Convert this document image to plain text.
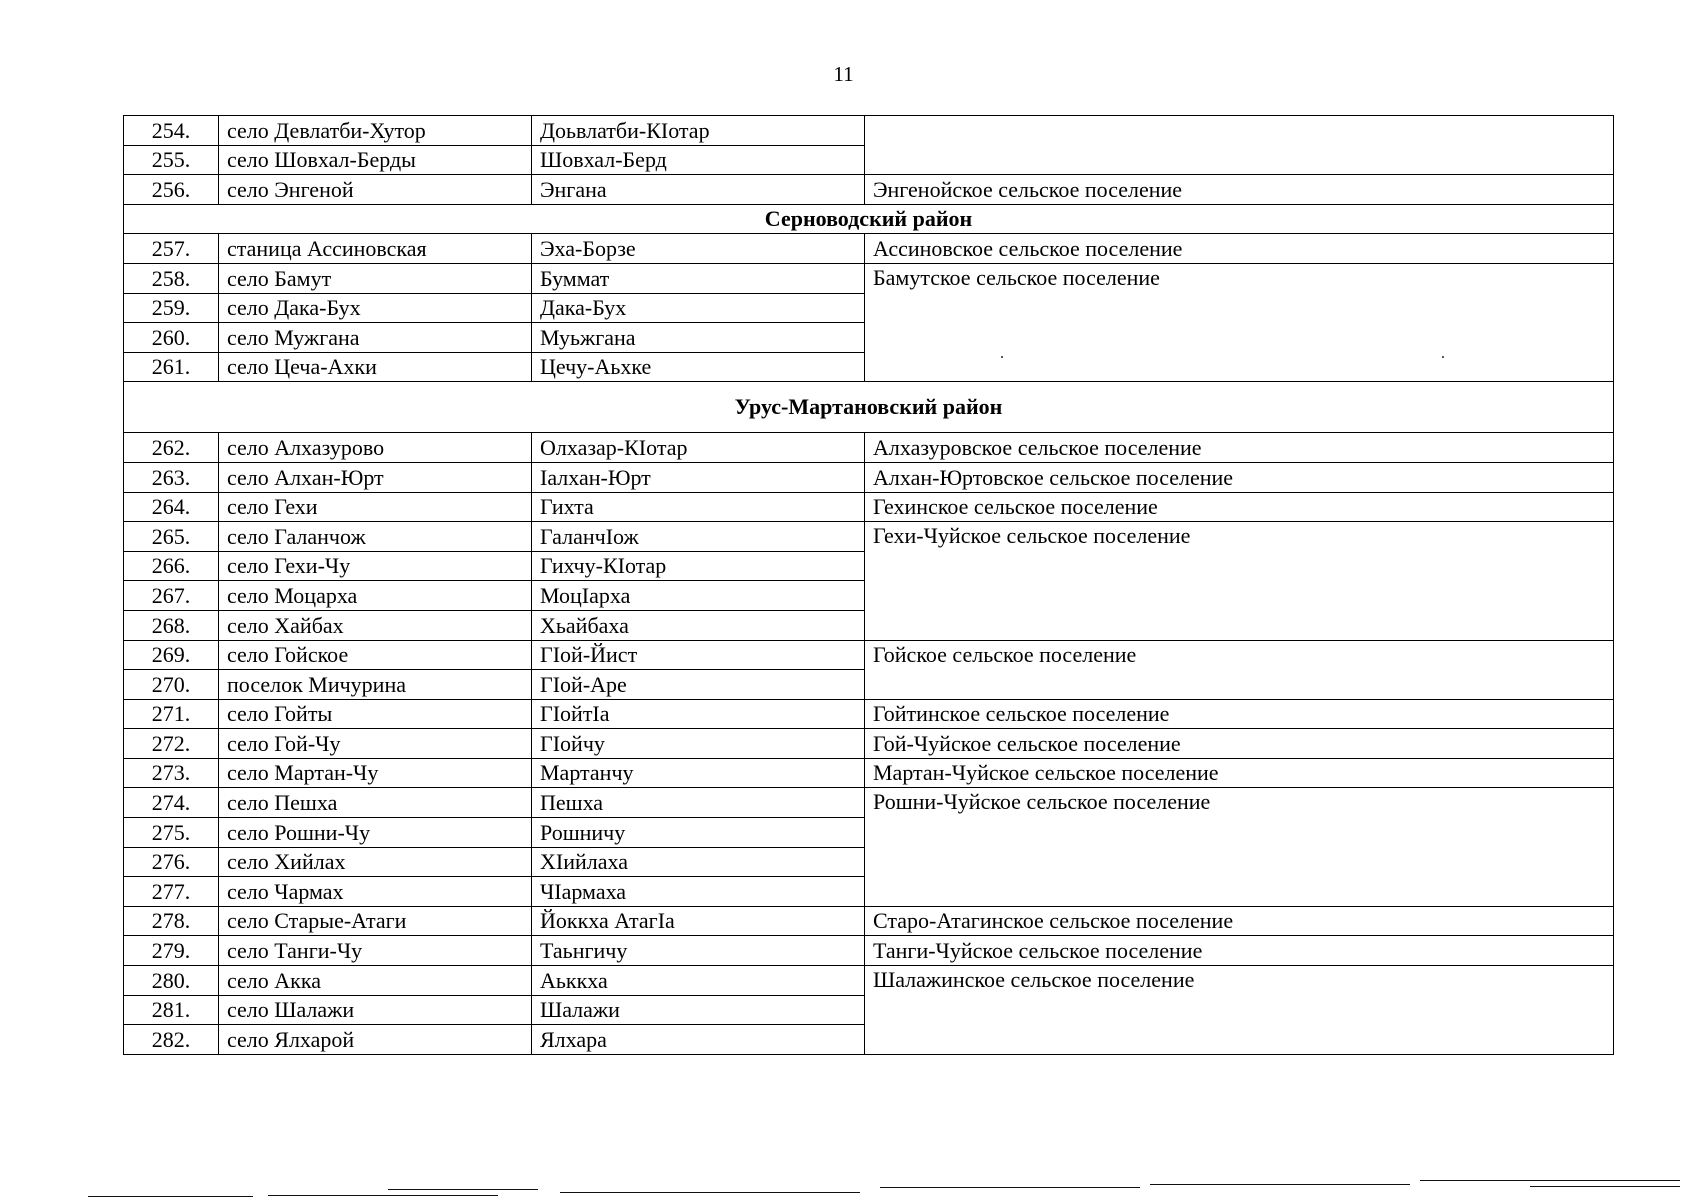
11
254.	село Девлатби-Хутор	Доьвлатби-КIотар	
255.	село Шовхал-Берды	Шовхал-Берд	
256.	село Энгеной	Энгана	Энгенойское сельское поселение
Серноводский район			
257.	станица Ассиновская	Эха-Борзе	Ассиновское сельское поселение
258.	село Бамут	Буммат	Бамутское сельское поселение
259.	село Дака-Бух	Дака-Бух	
260.	село Мужгана	Муьжгана	
261.	село Цеча-Ахки	Цечу-Аьхке	
Урус-Мартановский район			
262.	село Алхазурово	Олхазар-КIотар	Алхазуровское сельское поселение
263.	село Алхан-Юрт	Iалхан-Юрт	Алхан-Юртовское сельское поселение
264.	село Гехи	Гихта	Гехинское сельское поселение
265.	село Галанчож	ГаланчIож	Гехи-Чуйское сельское поселение
266.	село Гехи-Чу	Гихчу-КIотар	
267.	село Моцарха	МоцIарха	
268.	село Хайбах	Хьайбаха	
269.	село Гойское	ГIой-Йист	Гойское сельское поселение
270.	поселок Мичурина	ГIой-Аре	
271.	село Гойты	ГIойтIа	Гойтинское сельское поселение
272.	село Гой-Чу	ГIойчу	Гой-Чуйское сельское поселение
273.	село Мартан-Чу	Мартанчу	Мартан-Чуйское сельское поселение
274.	село Пешха	Пешха	Рошни-Чуйское сельское поселение
275.	село Рошни-Чу	Рошничу	
276.	село Хийлах	ХIийлаха	
277.	село Чармах	ЧIармаха	
278.	село Старые-Атаги	Йоккха АтагIа	Старо-Атагинское сельское поселение
279.	село Танги-Чу	Таьнгичу	Танги-Чуйское сельское поселение
280.	село Акка	Аьккха	Шалажинское сельское поселение
281.	село Шалажи	Шалажи	
282.	село Ялхарой	Ялхара	
